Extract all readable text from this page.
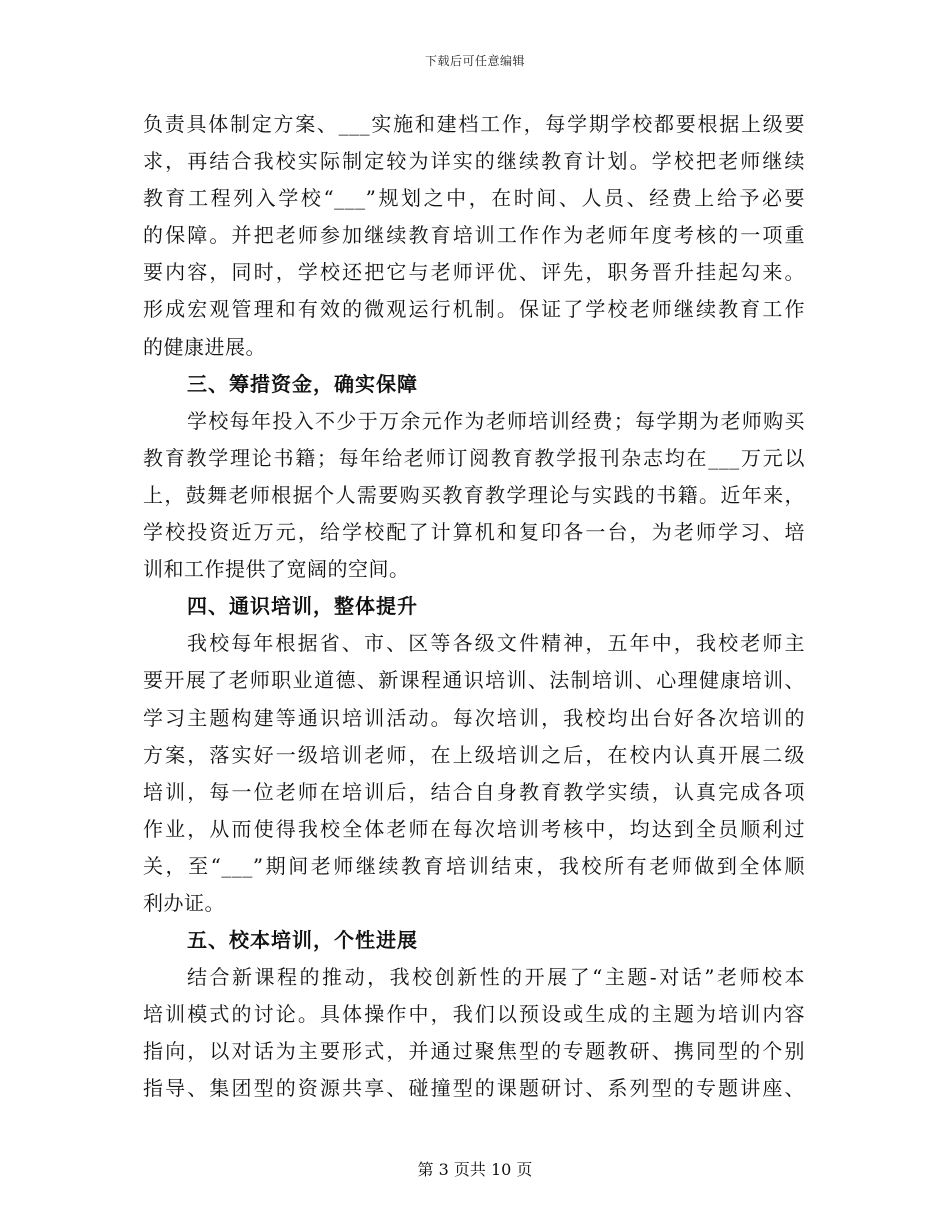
下载后可任意编辑
负责具体制定方案、___实施和建档工作，每学期学校都要根据上级要
求，再结合我校实际制定较为详实的继续教育计划。学校把老师继续
教育工程列入学校“___”规划之中，在时间、人员、经费上给予必要
的保障。并把老师参加继续教育培训工作作为老师年度考核的一项重
要内容，同时，学校还把它与老师评优、评先，职务晋升挂起勾来。
形成宏观管理和有效的微观运行机制。保证了学校老师继续教育工作
的健康进展。
三、筹措资金，确实保障
学校每年投入不少于万余元作为老师培训经费；每学期为老师购买
教育教学理论书籍；每年给老师订阅教育教学报刊杂志均在___万元以
上，鼓舞老师根据个人需要购买教育教学理论与实践的书籍。近年来，
学校投资近万元，给学校配了计算机和复印各一台，为老师学习、培
训和工作提供了宽阔的空间。
四、通识培训，整体提升
我校每年根据省、市、区等各级文件精神，五年中，我校老师主
要开展了老师职业道德、新课程通识培训、法制培训、心理健康培训、
学习主题构建等通识培训活动。每次培训，我校均出台好各次培训的
方案，落实好一级培训老师，在上级培训之后，在校内认真开展二级
培训，每一位老师在培训后，结合自身教育教学实绩，认真完成各项
作业，从而使得我校全体老师在每次培训考核中，均达到全员顺利过
关，至“___”期间老师继续教育培训结束，我校所有老师做到全体顺
利办证。
五、校本培训，个性进展
结合新课程的推动，我校创新性的开展了“主题-对话”老师校本
培训模式的讨论。具体操作中，我们以预设或生成的主题为培训内容
指向，以对话为主要形式，并通过聚焦型的专题教研、携同型的个别
指导、集团型的资源共享、碰撞型的课题研讨、系列型的专题讲座、
第 3 页共 10 页
